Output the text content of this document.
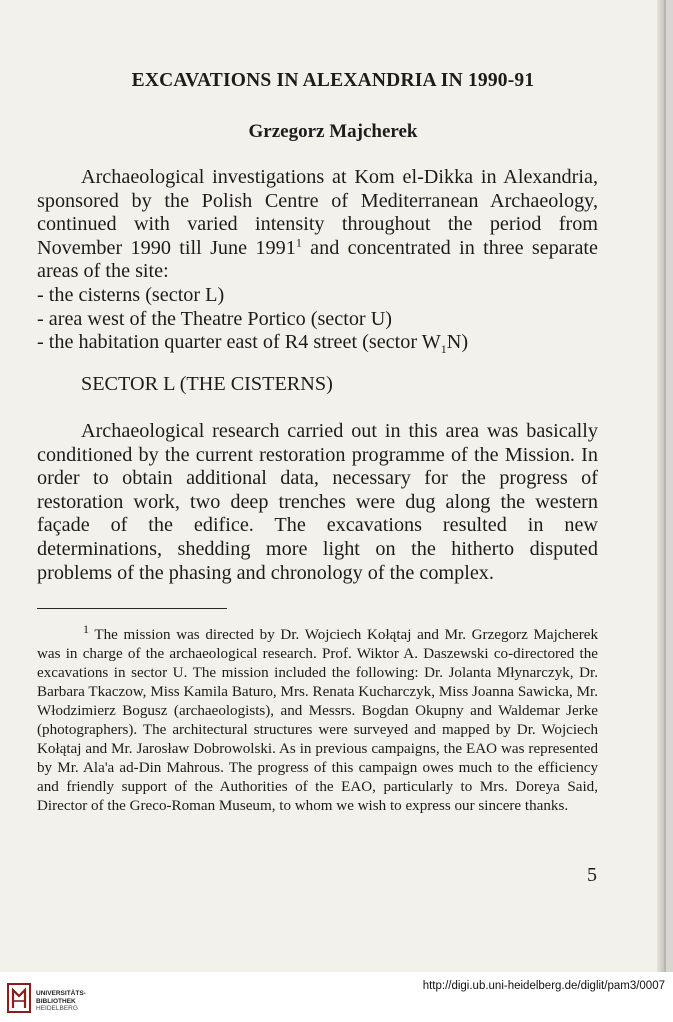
EXCAVATIONS IN ALEXANDRIA IN 1990-91
Grzegorz Majcherek

Archaeological investigations at Kom el-Dikka in Alexandria, sponsored by the Polish Centre of Mediterranean Archaeology, continued with varied intensity throughout the period from November 1990 till June 1991$^1$ and concentrated in three separate areas of the site:

- the cisterns (sector L)
- area west of the Theatre Portico (sector U)
- the habitation quarter east of R4 street (sector $W_1N$)
SECTOR L (THE CISTERNS)

Archaeological research carried out in this area was basically conditioned by the current restoration programme of the Mission. In order to obtain additional data, necessary for the progress of restoration work, two deep trenches were dug along the western façade of the edifice. The excavations resulted in new determinations, shedding more light on the hitherto disputed problems of the phasing and chronology of the complex.

$^1$ The mission was directed by Dr. Wojciech Kołątaj and Mr. Grzegorz Majcherek was in charge of the archaeological research. Prof. Wiktor A. Daszewski co-directored the excavations in sector U. The mission included the following: Dr. Jolanta Młynarczyk, Dr. Barbara Tkaczow, Miss Kamila Baturo, Mrs. Renata Kucharczyk, Miss Joanna Sawicka, Mr. Włodzimierz Bogusz (archaeologists), and Messrs. Bogdan Okupny and Waldemar Jerke (photographers). The architectural structures were surveyed and mapped by Dr. Wojciech Kołątaj and Mr. Jarosław Dobrowolski. As in previous campaigns, the EAO was represented by Mr. Ala'a ad-Din Mahrous. The progress of this campaign owes much to the efficiency and friendly support of the Authorities of the EAO, particularly to Mrs. Doreya Said, Director of the Greco-Roman Museum, to whom we wish to express our sincere thanks.

5
UNIVERSITÄTS-
BIBLIOTHEK
HEIDELBERG
http://digi.ub.uni-heidelberg.de/diglit/pam3/0007
